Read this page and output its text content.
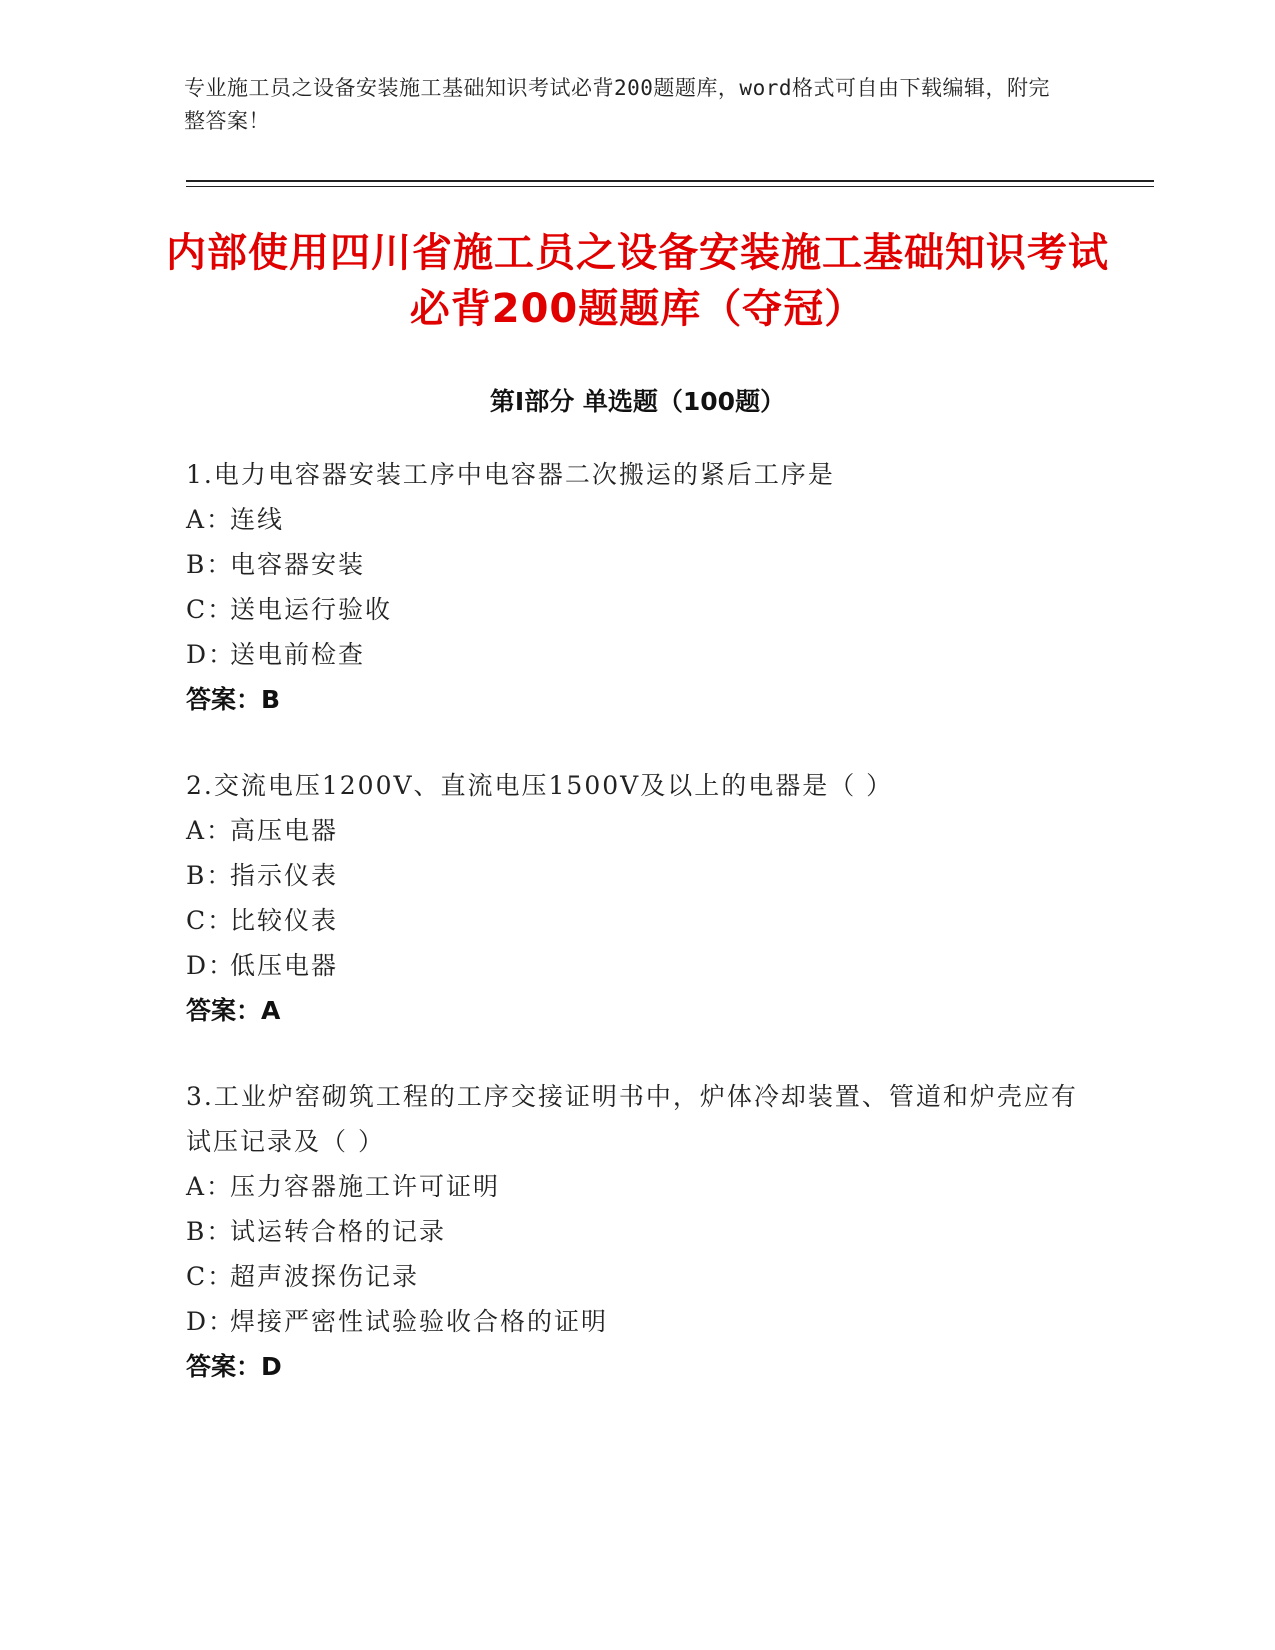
专业施工员之设备安装施工基础知识考试必背200题题库，word格式可自由下载编辑，附完整答案！
内部使用四川省施工员之设备安装施工基础知识考试必背200题题库（夺冠）
第Ⅰ部分 单选题（100题）

1.电力电容器安装工序中电容器二次搬运的紧后工序是

A：
连线
B：
电容器安装
C：
送电运行验收
D：
送电前检查
答案：B

2.交流电压1200V、直流电压1500V及以上的电器是（ ）

A：
高压电器
B：
指示仪表
C：
比较仪表
D：
低压电器
答案：A

3.工业炉窑砌筑工程的工序交接证明书中，炉体冷却装置、管道和炉壳应有试压记录及（ ）

A：
压力容器施工许可证明
B：
试运转合格的记录
C：
超声波探伤记录
D：
焊接严密性试验验收合格的证明
答案：D
